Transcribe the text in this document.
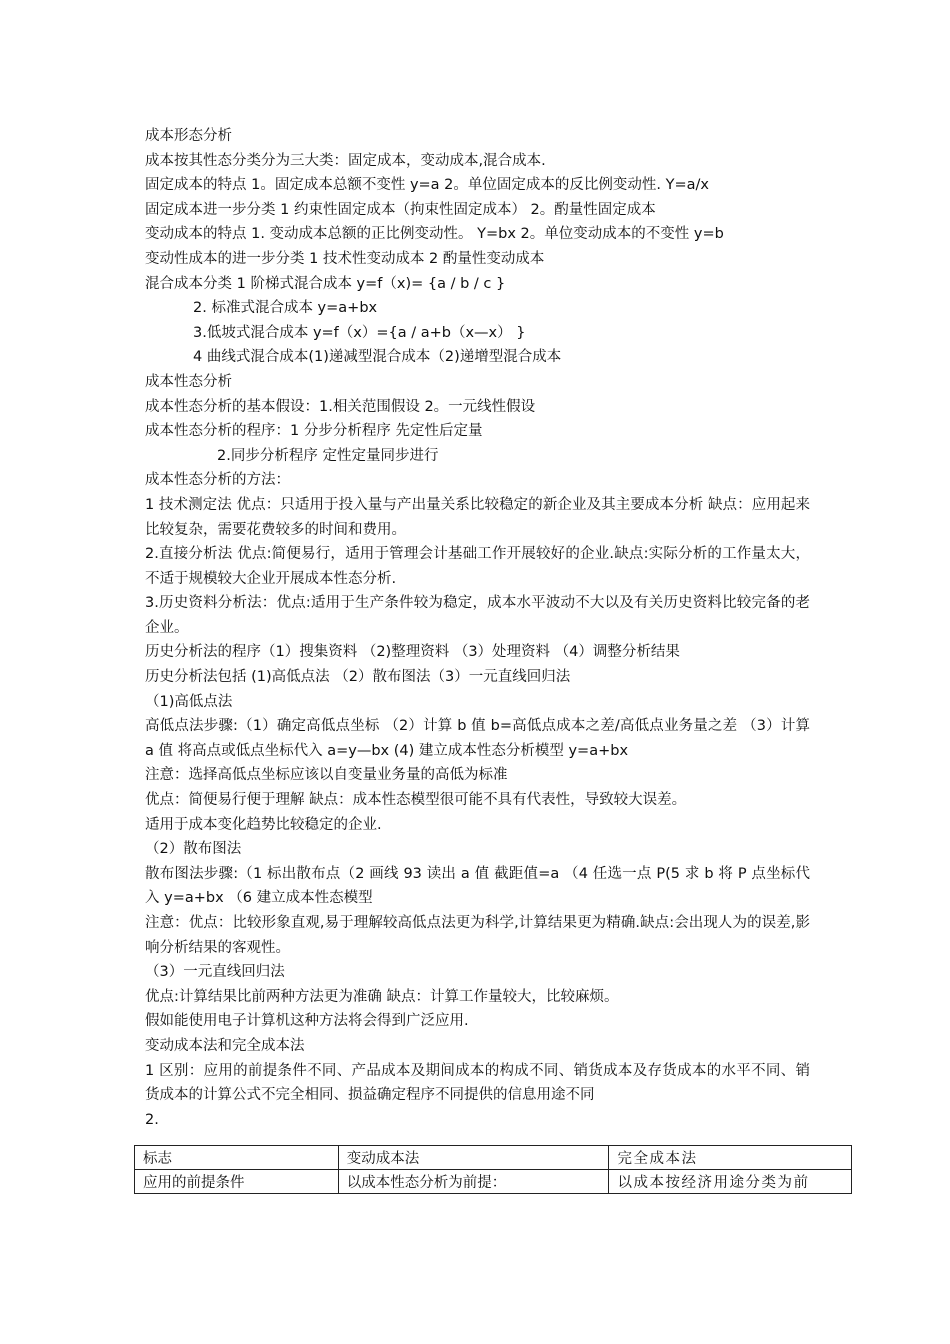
成本形态分析
成本按其性态分类分为三大类：固定成本，变动成本,混合成本.
固定成本的特点 1。固定成本总额不变性 y=a 2。单位固定成本的反比例变动性. Y=a/x
固定成本进一步分类 1 约束性固定成本（拘束性固定成本） 2。酌量性固定成本
变动成本的特点 1. 变动成本总额的正比例变动性。 Y=bx 2。单位变动成本的不变性 y=b
变动性成本的进一步分类 1 技术性变动成本 2 酌量性变动成本
混合成本分类 1 阶梯式混合成本 y=f（x)= {a / b / c }
2. 标准式混合成本 y=a+bx
3.低坡式混合成本 y=f（x）={a / a+b（x—x） }
4 曲线式混合成本(1)递减型混合成本（2)递增型混合成本
成本性态分析
成本性态分析的基本假设：1.相关范围假设 2。一元线性假设
成本性态分析的程序：1 分步分析程序 先定性后定量
2.同步分析程序 定性定量同步进行
成本性态分析的方法：
1 技术测定法 优点：只适用于投入量与产出量关系比较稳定的新企业及其主要成本分析 缺点：应用起来比较复杂，需要花费较多的时间和费用。
2.直接分析法 优点:简便易行，适用于管理会计基础工作开展较好的企业.缺点:实际分析的工作量太大，不适于规模较大企业开展成本性态分析.
3.历史资料分析法：优点:适用于生产条件较为稳定，成本水平波动不大以及有关历史资料比较完备的老企业。
历史分析法的程序（1）搜集资料 （2)整理资料 （3）处理资料 （4）调整分析结果
历史分析法包括 (1)高低点法 （2）散布图法（3）一元直线回归法
（1)高低点法
高低点法步骤:（1）确定高低点坐标 （2）计算 b 值 b=高低点成本之差/高低点业务量之差 （3）计算 a 值 将高点或低点坐标代入 a=y—bx (4) 建立成本性态分析模型 y=a+bx
注意：选择高低点坐标应该以自变量业务量的高低为标准
优点：简便易行便于理解 缺点：成本性态模型很可能不具有代表性，导致较大误差。
适用于成本变化趋势比较稳定的企业.
（2）散布图法
散布图法步骤:（1 标出散布点（2 画线 93 读出 a 值 截距值=a （4 任选一点 P(5 求 b 将 P 点坐标代入 y=a+bx （6 建立成本性态模型
注意：优点：比较形象直观,易于理解较高低点法更为科学,计算结果更为精确.缺点:会出现人为的误差,影响分析结果的客观性。
（3）一元直线回归法
优点:计算结果比前两种方法更为准确 缺点：计算工作量较大，比较麻烦。
假如能使用电子计算机这种方法将会得到广泛应用.
变动成本法和完全成本法
1 区别：应用的前提条件不同、产品成本及期间成本的构成不同、销货成本及存货成本的水平不同、销货成本的计算公式不完全相同、损益确定程序不同提供的信息用途不同
2.
标志	变动成本法	完全成本法
应用的前提条件	以成本性态分析为前提：	以成本按经济用途分类为前
